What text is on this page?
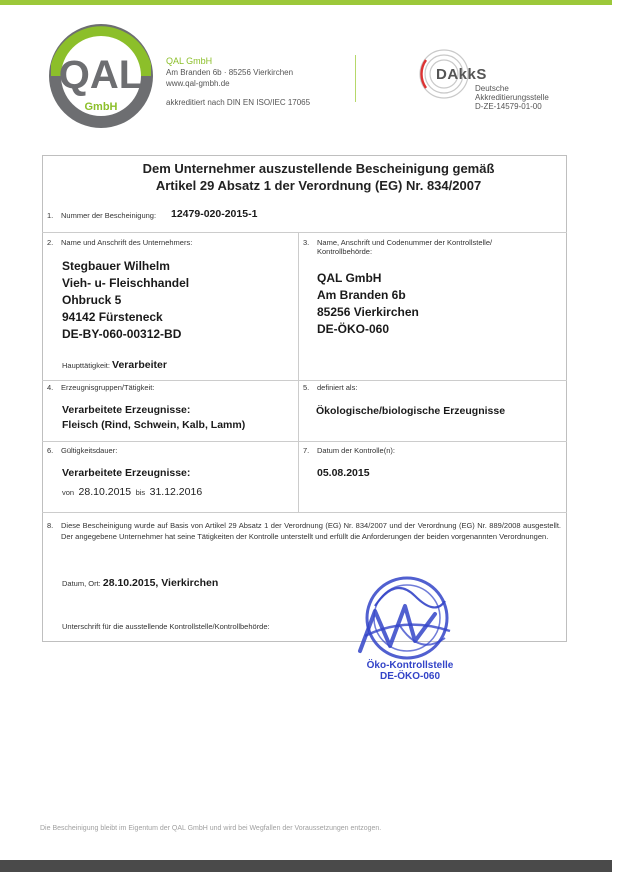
QAL
GmbH
QAL GmbH
Am Branden 6b · 85256 Vierkirchen
www.qal-gmbh.de
akkreditiert nach DIN EN ISO/IEC 17065
DAkkS
Deutsche
Akkreditierungsstelle
D-ZE-14579-01-00
Dem Unternehmer auszustellende Bescheinigung gemäß
Artikel 29 Absatz 1 der Verordnung (EG) Nr. 834/2007
1. Nummer der Bescheinigung: 12479-020-2015-1
2. Name und Anschrift des Unternehmers:
Stegbauer Wilhelm
Vieh- u- Fleischhandel
Ohbruck 5
94142 Fürsteneck
DE-BY-060-00312-BD
Haupttätigkeit: Verarbeiter
3. Name, Anschrift und Codenummer der Kontrollstelle/
Kontrollbehörde:
QAL GmbH
Am Branden 6b
85256 Vierkirchen
DE-ÖKO-060
4. Erzeugnisgruppen/Tätigkeit:
Verarbeitete Erzeugnisse:
Fleisch (Rind, Schwein, Kalb, Lamm)
5. definiert als:
Ökologische/biologische Erzeugnisse
6. Gültigkeitsdauer:
Verarbeitete Erzeugnisse:
von 28.10.2015 bis 31.12.2016
7. Datum der Kontrolle(n):
05.08.2015
8. Diese Bescheinigung wurde auf Basis von Artikel 29 Absatz 1 der Verordnung (EG) Nr. 834/2007 und der Verordnung (EG) Nr. 889/2008 ausgestellt. Der angegebene Unternehmer hat seine Tätigkeiten der Kontrolle unterstellt und erfüllt die Anforderungen der beiden vorgenannten Verordnungen.
Datum, Ort: 28.10.2015, Vierkirchen
Unterschrift für die ausstellende Kontrollstelle/Kontrollbehörde:
Öko-Kontrollstelle
DE-ÖKO-060
Die Bescheinigung bleibt im Eigentum der QAL GmbH und wird bei Wegfallen der Voraussetzungen entzogen.
